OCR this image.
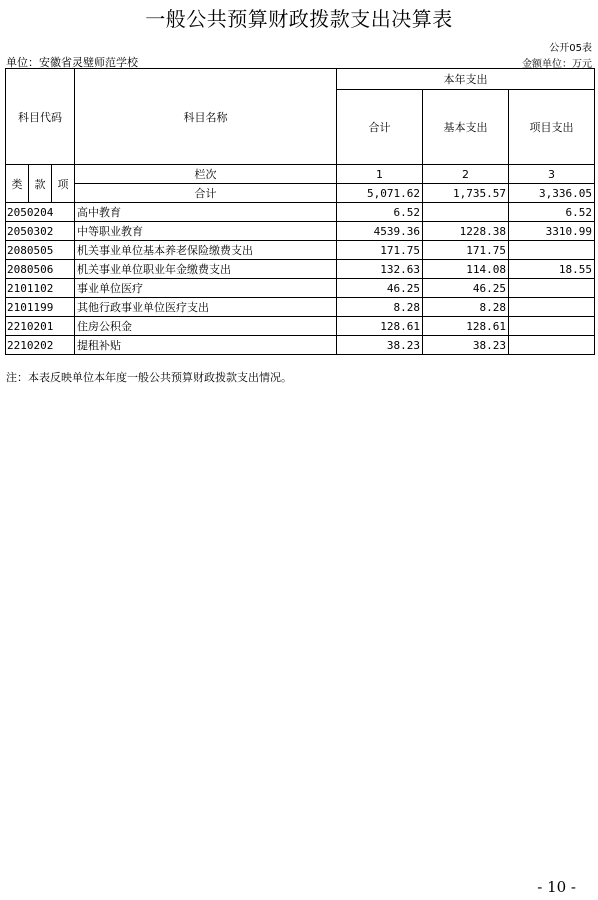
一般公共预算财政拨款支出决算表
公开05表
单位：安徽省灵璧师范学校	金额单位：万元
科目代码			科目名称	本年支出		
				合计	基本支出	项目支出
类	款	项	栏次	1	2	3
			合计	5,071.62	1,735.57	3,336.05
2050204			高中教育	6.52		6.52
2050302			中等职业教育	4539.36	1228.38	3310.99
2080505			机关事业单位基本养老保险缴费支出	171.75	171.75	
2080506			机关事业单位职业年金缴费支出	132.63	114.08	18.55
2101102			事业单位医疗	46.25	46.25	
2101199			其他行政事业单位医疗支出	8.28	8.28	
2210201			住房公积金	128.61	128.61	
2210202			提租补贴	38.23	38.23	
注：本表反映单位本年度一般公共预算财政拨款支出情况。
- 10 -
